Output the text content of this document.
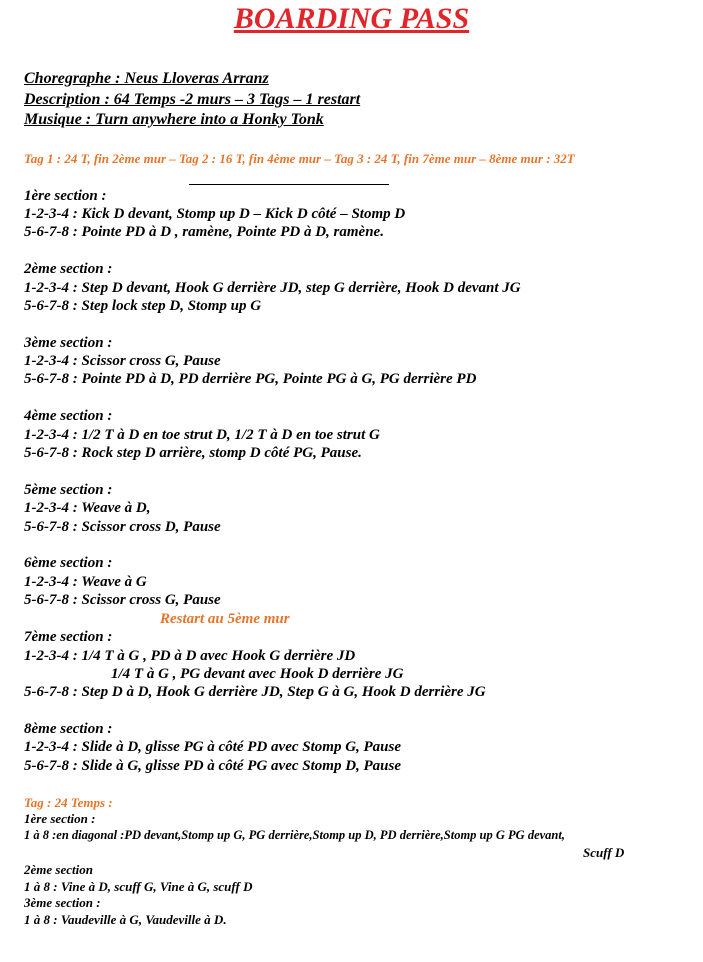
BOARDING PASS
Choregraphe : Neus Lloveras Arranz
Description : 64 Temps -2 murs – 3 Tags – 1 restart
Musique : Turn anywhere into a Honky Tonk
Tag 1 : 24 T, fin 2ème mur – Tag 2 : 16 T, fin 4ème mur – Tag 3 : 24 T, fin 7ème mur – 8ème mur : 32T
1ère section :
1-2-3-4 : Kick D devant, Stomp up D – Kick D côté – Stomp D
5-6-7-8 : Pointe PD à D , ramène, Pointe PD à D, ramène.
2ème section :
1-2-3-4 : Step D devant, Hook G derrière JD, step G derrière, Hook D devant JG
5-6-7-8 : Step lock step D, Stomp up G
3ème section :
1-2-3-4 : Scissor cross G, Pause
5-6-7-8 : Pointe PD à D, PD derrière PG, Pointe PG à G, PG derrière PD
4ème section :
1-2-3-4 : 1/2 T à D en toe strut D, 1/2 T à D en toe strut G
5-6-7-8 : Rock step D arrière, stomp D côté PG, Pause.
5ème section :
1-2-3-4 : Weave à D,
5-6-7-8 : Scissor cross D, Pause
6ème section :
1-2-3-4 : Weave à G
5-6-7-8 : Scissor cross G, Pause
Restart au 5ème mur
7ème section :
1-2-3-4 : 1/4 T à G , PD à D avec Hook G derrière JD
1/4 T à G , PG devant avec Hook D derrière JG
5-6-7-8 : Step D à D, Hook G derrière JD, Step G à G, Hook D derrière JG
8ème section :
1-2-3-4 : Slide à D, glisse PG à côté PD avec Stomp G, Pause
5-6-7-8 : Slide à G, glisse PD à côté PG avec Stomp D, Pause
Tag : 24 Temps :
1ère section :
1 à 8 :en diagonal :PD devant,Stomp up G, PG derrière,Stomp up D, PD derrière,Stomp up G PG devant,
Scuff D
2ème section
1 à 8 : Vine à D, scuff G, Vine à G, scuff D
3ème section :
1 à 8 : Vaudeville à G, Vaudeville à D.
